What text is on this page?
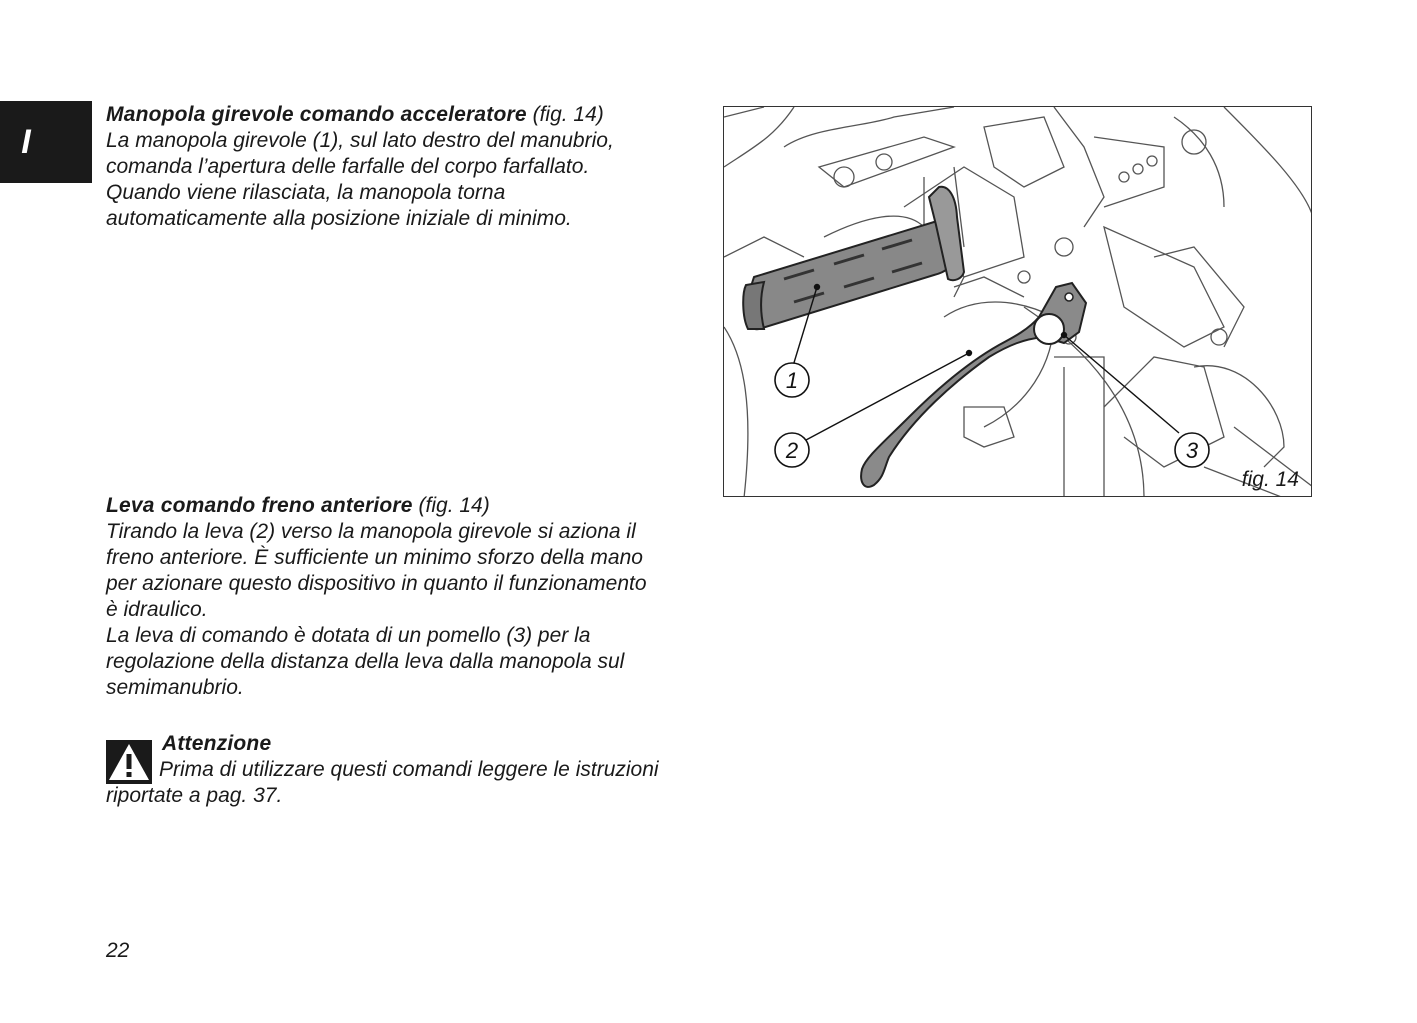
I

Manopola girevole comando acceleratore (fig. 14)

La manopola girevole (1), sul lato destro del manubrio,

comanda l’apertura delle farfalle del corpo farfallato.

Quando viene rilasciata, la manopola torna

automaticamente alla posizione iniziale di minimo.

Leva comando freno anteriore (fig. 14)

Tirando la leva (2) verso la manopola girevole si aziona il

freno anteriore. È sufficiente un minimo sforzo della mano

per azionare questo dispositivo in quanto il funzionamento

è idraulico.

La leva di comando è dotata di un pomello (3) per la

regolazione della distanza della leva dalla manopola sul

semimanubrio.

Attenzione

Prima di utilizzare questi comandi leggere le istruzioni

riportate a pag. 37.

1
2	3
fig. 14
22
